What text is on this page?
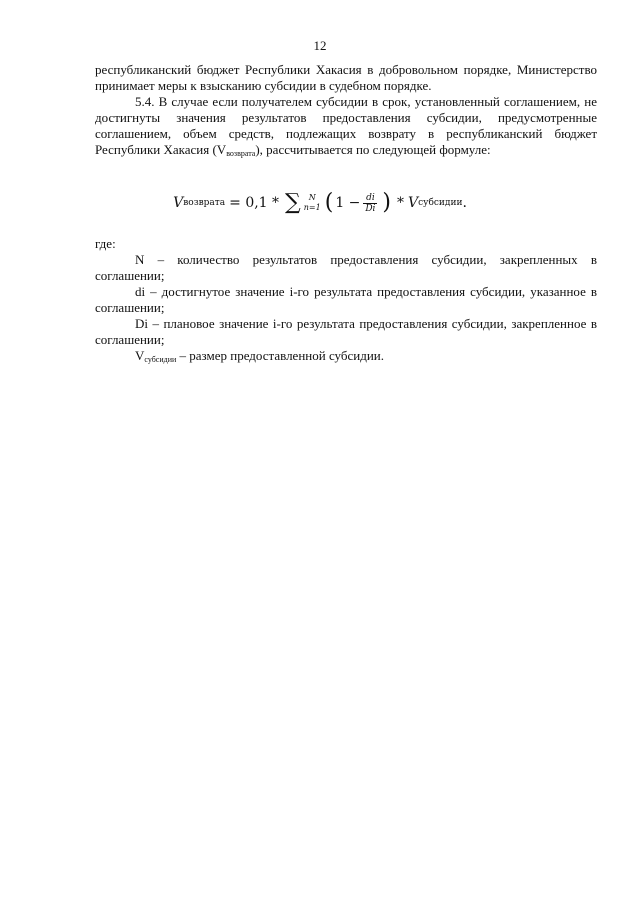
12

республиканский бюджет Республики Хакасия в добровольном порядке, Министерство принимает меры к взысканию субсидии в судебном порядке.

5.4. В случае если получателем субсидии в срок, установленный соглашением, не достигнуты значения результатов предоставления субсидии, предусмотренные соглашением, объем средств, подлежащих возврату в республиканский бюджет Республики Хакасия $(V_{возврата})$, рассчитывается по следующей формуле:

V возврата = 0,1 * ∑ N
n=1 ( $1 - \frac{di}{Di}$ ) * V субсидии .

где:

N – количество результатов предоставления субсидии, закрепленных в соглашении;

di – достигнутое значение i-го результата предоставления субсидии, указанное в соглашении;

Di – плановое значение i-го результата предоставления субсидии, закрепленное в соглашении;

$V_{субсидии}$ – размер предоставленной субсидии.
